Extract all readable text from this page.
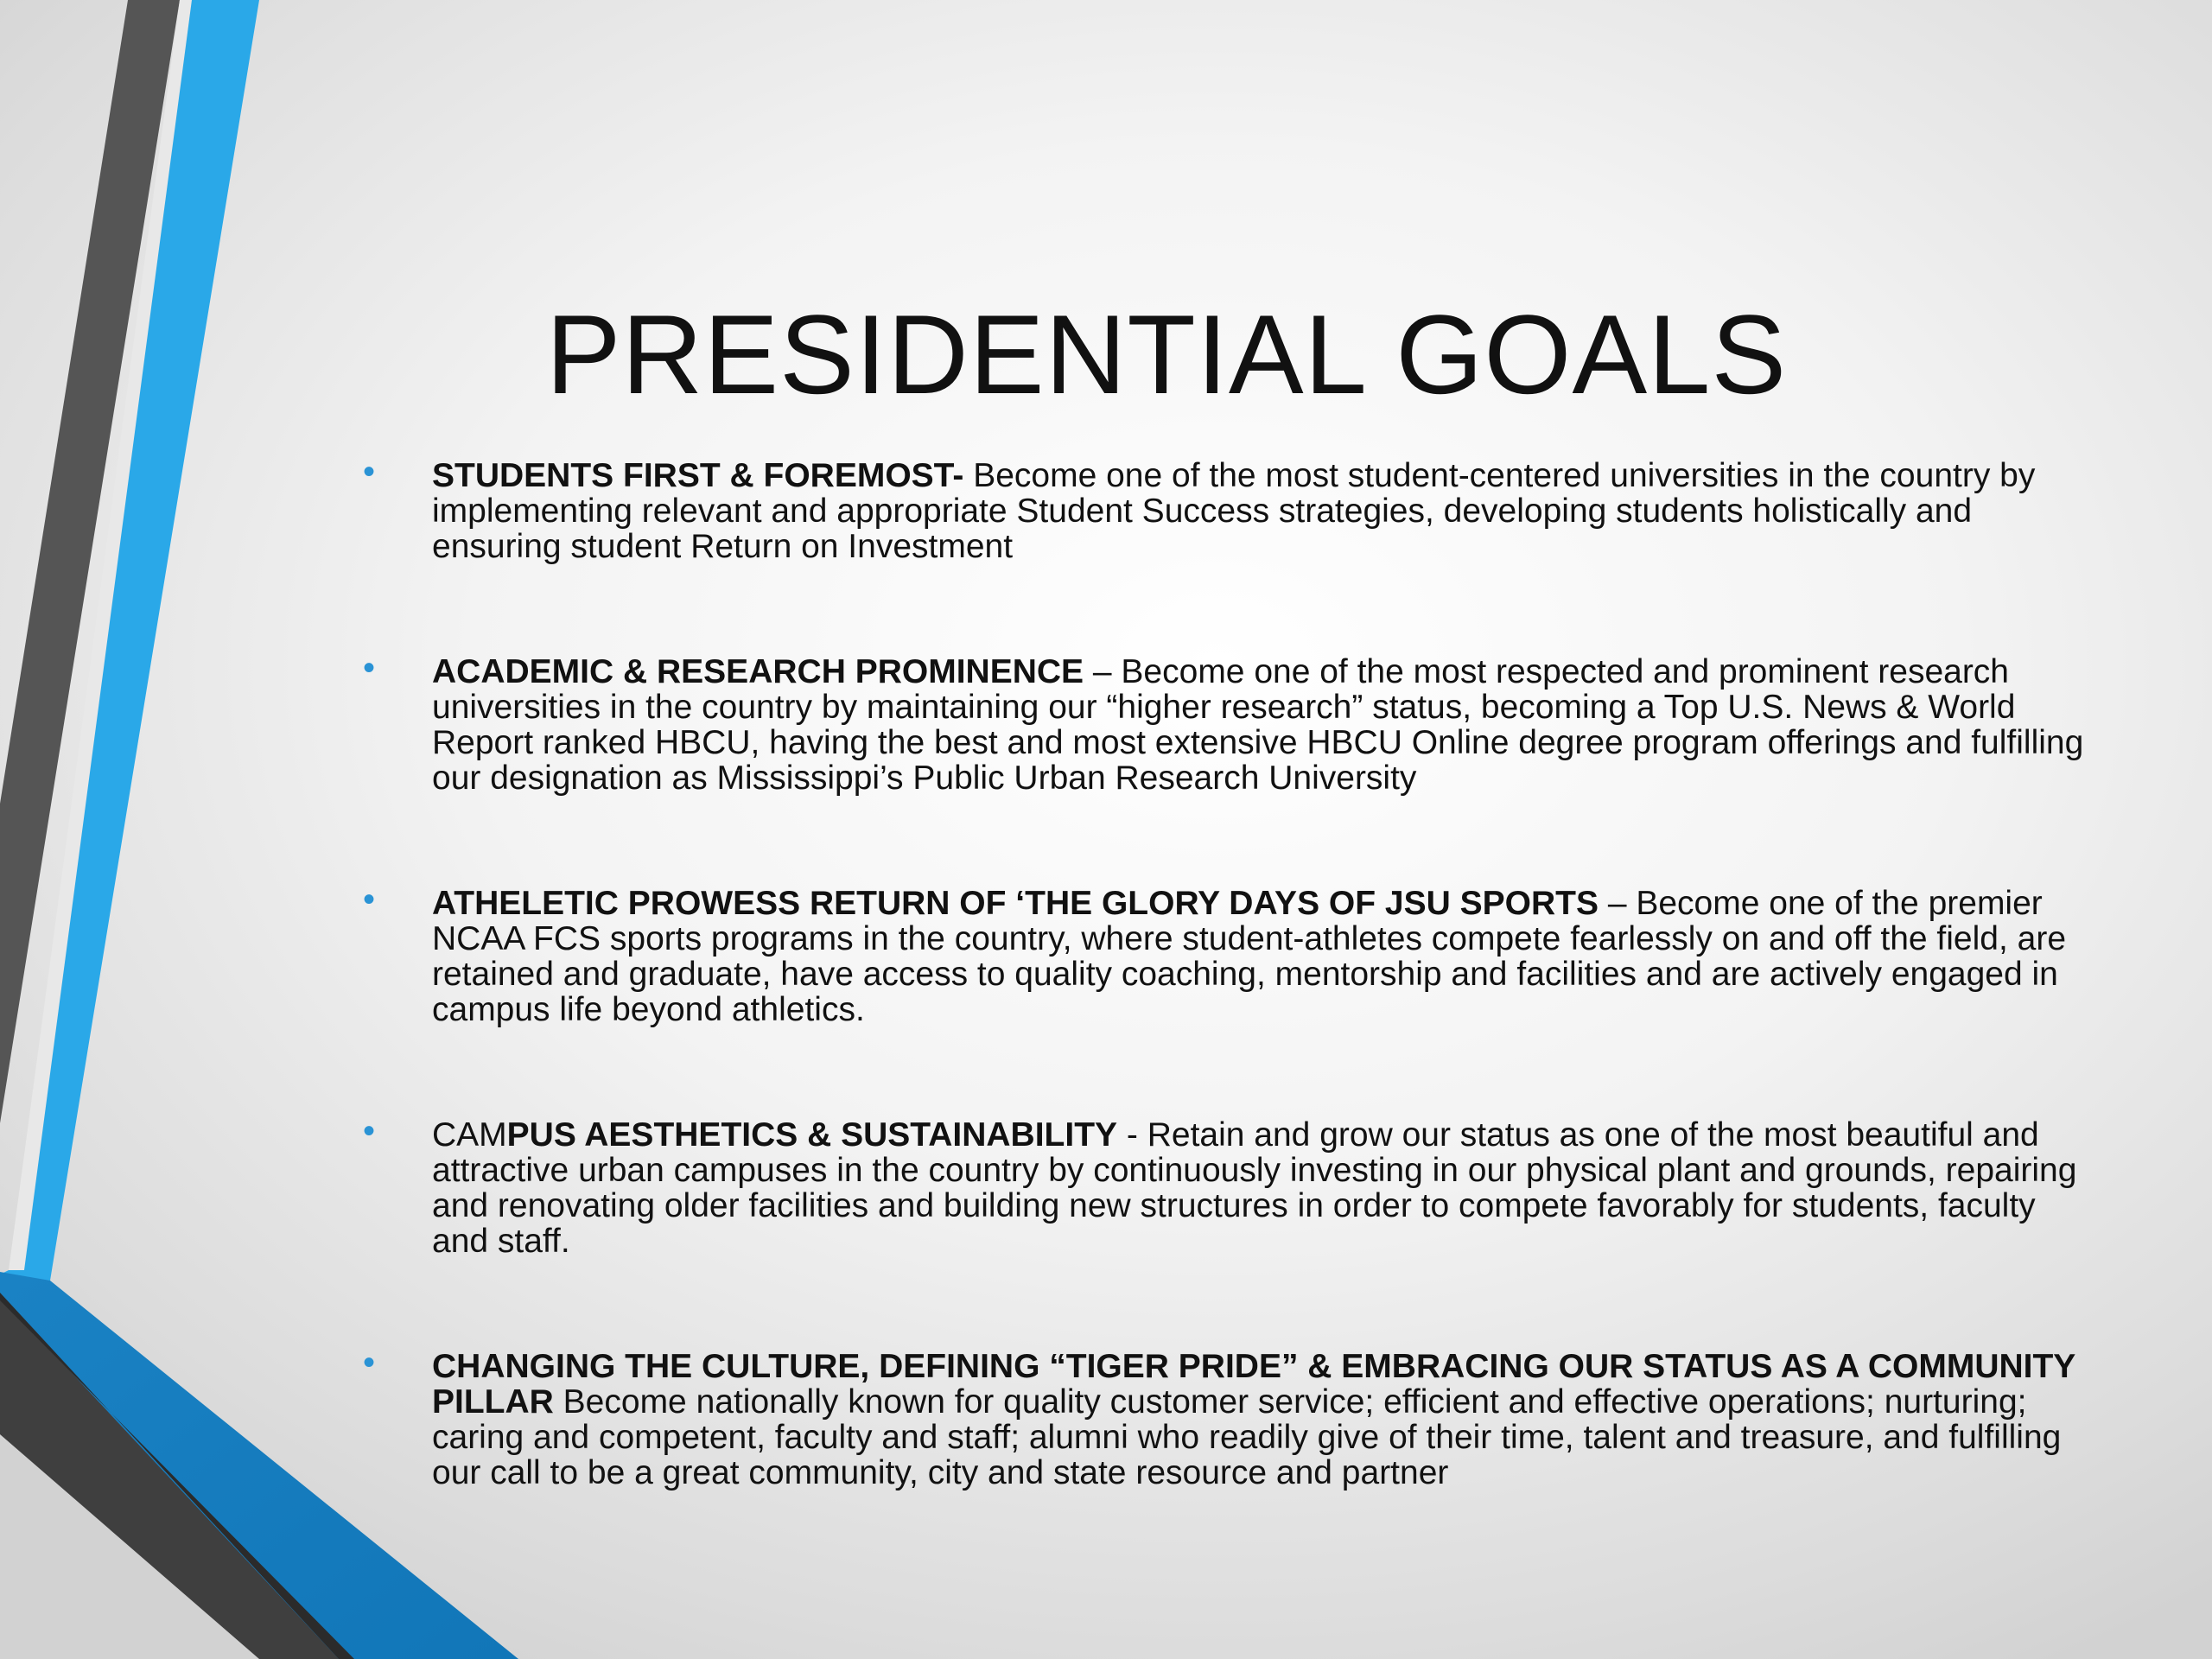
PRESIDENTIAL GOALS
• STUDENTS FIRST & FOREMOST- Become one of the most student-centered universities in the country by implementing relevant and appropriate Student Success strategies, developing students holistically and ensuring student Return on Investment
• ACADEMIC & RESEARCH PROMINENCE – Become one of the most respected and prominent research universities in the country by maintaining our “higher research” status, becoming a Top U.S. News & World Report ranked HBCU, having the best and most extensive HBCU Online degree program offerings and fulfilling our designation as Mississippi’s Public Urban Research University
• ATHELETIC PROWESS RETURN OF ‘THE GLORY DAYS OF JSU SPORTS – Become one of the premier NCAA FCS sports programs in the country, where student-athletes compete fearlessly on and off the field, are retained and graduate, have access to quality coaching, mentorship and facilities and are actively engaged in campus life beyond athletics.
• CAMPUS AESTHETICS & SUSTAINABILITY - Retain and grow our status as one of the most beautiful and attractive urban campuses in the country by continuously investing in our physical plant and grounds, repairing and renovating older facilities and building new structures in order to compete favorably for students, faculty and staff.
• CHANGING THE CULTURE, DEFINING “TIGER PRIDE” & EMBRACING OUR STATUS AS A COMMUNITY PILLAR Become nationally known for quality customer service; efficient and effective operations; nurturing; caring and competent, faculty and staff; alumni who readily give of their time, talent and treasure, and fulfilling our call to be a great community, city and state resource and partner
